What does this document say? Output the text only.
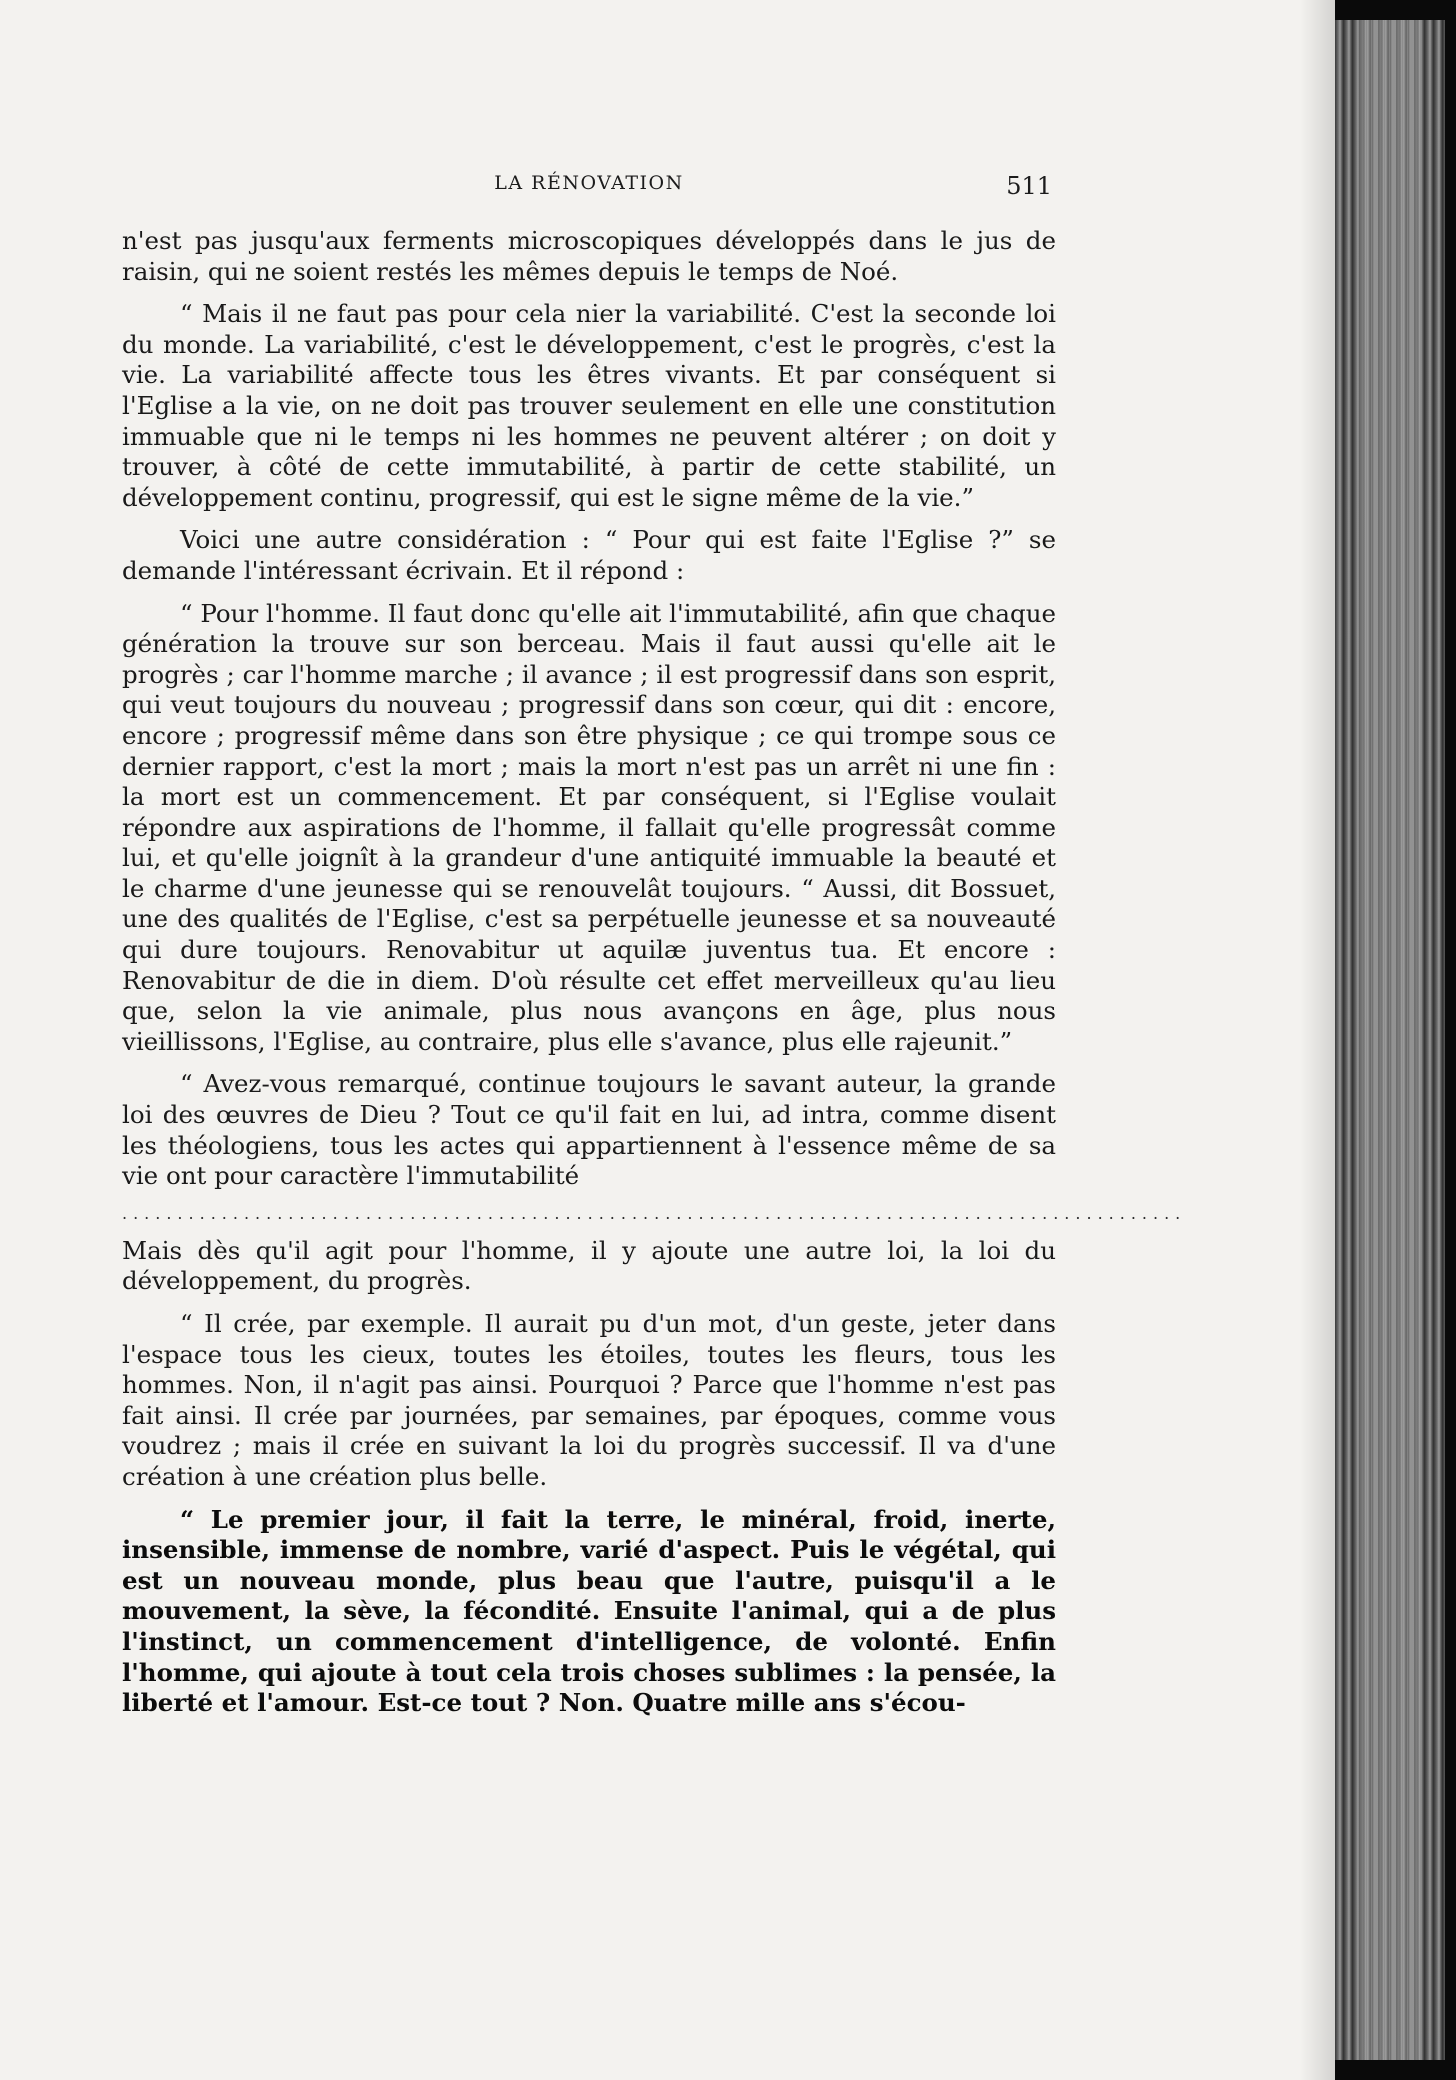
LA RÉNOVATION	511

n'est pas jusqu'aux ferments microscopiques développés dans le jus de raisin, qui ne soient restés les mêmes depuis le temps de Noé.

“ Mais il ne faut pas pour cela nier la variabilité. C'est la seconde loi du monde. La variabilité, c'est le développement, c'est le progrès, c'est la vie. La variabilité affecte tous les êtres vivants. Et par conséquent si l'Eglise a la vie, on ne doit pas trouver seulement en elle une constitution immuable que ni le temps ni les hommes ne peuvent altérer ; on doit y trouver, à côté de cette immutabilité, à partir de cette stabilité, un développement continu, progressif, qui est le signe même de la vie.”

Voici une autre considération : “ Pour qui est faite l'Eglise ?” se demande l'intéressant écrivain. Et il répond :

“ Pour l'homme. Il faut donc qu'elle ait l'immutabilité, afin que chaque génération la trouve sur son berceau. Mais il faut aussi qu'elle ait le progrès ; car l'homme marche ; il avance ; il est progressif dans son esprit, qui veut toujours du nouveau ; progressif dans son cœur, qui dit : encore, encore ; progressif même dans son être physique ; ce qui trompe sous ce dernier rapport, c'est la mort ; mais la mort n'est pas un arrêt ni une fin : la mort est un commencement. Et par conséquent, si l'Eglise voulait répondre aux aspirations de l'homme, il fallait qu'elle progressât comme lui, et qu'elle joignît à la grandeur d'une antiquité immuable la beauté et le charme d'une jeunesse qui se renouvelât toujours. “ Aussi, dit Bossuet, une des qualités de l'Eglise, c'est sa perpétuelle jeunesse et sa nouveauté qui dure toujours. Renovabitur ut aquilæ juventus tua. Et encore : Renovabitur de die in diem. D'où résulte cet effet merveilleux qu'au lieu que, selon la vie animale, plus nous avançons en âge, plus nous vieillissons, l'Eglise, au contraire, plus elle s'avance, plus elle rajeunit.”

“ Avez-vous remarqué, continue toujours le savant auteur, la grande loi des œuvres de Dieu ? Tout ce qu'il fait en lui, ad intra, comme disent les théologiens, tous les actes qui appartiennent à l'essence même de sa vie ont pour caractère l'immutabilité

................................................................................................

Mais dès qu'il agit pour l'homme, il y ajoute une autre loi, la loi du développement, du progrès.

“ Il crée, par exemple. Il aurait pu d'un mot, d'un geste, jeter dans l'espace tous les cieux, toutes les étoiles, toutes les fleurs, tous les hommes. Non, il n'agit pas ainsi. Pourquoi ? Parce que l'homme n'est pas fait ainsi. Il crée par journées, par semaines, par époques, comme vous voudrez ; mais il crée en suivant la loi du progrès successif. Il va d'une création à une création plus belle.

“ Le premier jour, il fait la terre, le minéral, froid, inerte, insensible, immense de nombre, varié d'aspect. Puis le végétal, qui est un nouveau monde, plus beau que l'autre, puisqu'il a le mouvement, la sève, la fécondité. Ensuite l'animal, qui a de plus l'instinct, un commencement d'intelligence, de volonté. Enfin l'homme, qui ajoute à tout cela trois choses sublimes : la pensée, la liberté et l'amour. Est-ce tout ? Non. Quatre mille ans s'écou-
